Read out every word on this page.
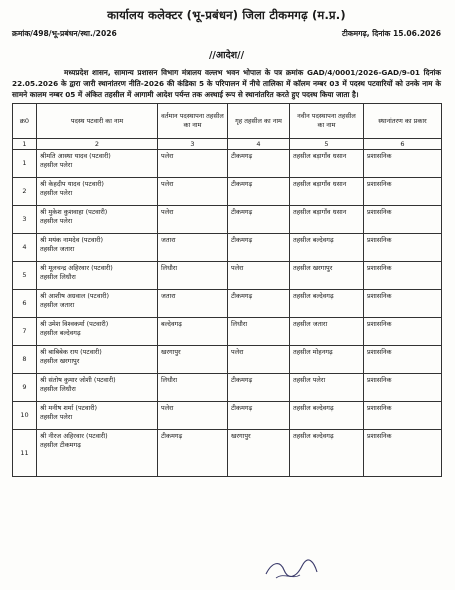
कार्यालय कलेक्टर (भू-प्रबंधन) जिला टीकमगढ़ (म.प्र.)
क्रमांक/498/भू-प्रबंधन/स्था./2026	टीकमगढ़, दिनांक 15.06.2026
//आदेश//
मध्यप्रदेश शासन, सामान्य प्रशासन विभाग मंत्रालय वल्लभ भवन भोपाल के पत्र क्रमांक GAD/4/0001/2026-GAD/9-01 दिनांक 22.05.2026 के द्वारा जारी स्थानांतरण नीति-2026 की कंडिका 5 के परिपालन में नीचे तालिका में कॉलम नम्बर 03 में पदस्थ पटवारियों को उनके नाम के सामने कालम नम्बर 05 में अंकित तहसील में आगामी आदेश पर्यन्त तक अस्थाई रूप से स्थानांतरित करते हुए पदस्थ किया जाता है।
क्र0	पदस्थ पटवारी का नाम	वर्तमान पदस्थापना तहसील का नाम	गृह तहसील का नाम	नवीन पदस्थापना तहसील का नाम	स्थानांतरण का प्रकार
1	2	3	4	5	6
1	श्रीमति आस्था यादव (पटवारी)
तहसील पलेरा	पलेरा	टीकमगढ़	तहसील बड़ागाँव धसान	प्रशासनिक
2	श्री केहदीप यादव (पटवारी)
तहसील पलेरा	पलेरा	टीकमगढ़	तहसील बड़ागाँव धसान	प्रशासनिक
3	श्री मुकेश कुशवाहा (पटवारी)
तहसील पलेरा	पलेरा	टीकमगढ़	तहसील बड़ागाँव धसान	प्रशासनिक
4	श्री मयंक नामदेव (पटवारी)
तहसील जतारा	जतारा	टीकमगढ़	तहसील बल्देवगढ़	प्रशासनिक
5	श्री मूलचन्द्र अहिरवार (पटवारी)
तहसील लिधौरा	लिधौरा	पलेरा	तहसील खरगापुर	प्रशासनिक
6	श्री आशीष अग्रवाल (पटवारी)
तहसील जतारा	जतारा	टीकमगढ़	तहसील बल्देवगढ़	प्रशासनिक
7	श्री उमेश विश्वकर्मा (पटवारी)
तहसील बल्देवगढ़	बल्देवगढ़	लिधौरा	तहसील जतारा	प्रशासनिक
8	श्री बाबिबेक राय (पटवारी)
तहसील खरगापुर	खरगापुर	पलेरा	तहसील मोहनगढ़	प्रशासनिक
9	श्री संतोष कुमार जोशी (पटवारी)
तहसील लिधौरा	लिधौरा	टीकमगढ़	तहसील पलेरा	प्रशासनिक
10	श्री मनीष शर्मा (पटवारी)
तहसील पलेरा	पलेरा	टीकमगढ़	तहसील बल्देवगढ़	प्रशासनिक
11	श्री नीरज अहिरवार (पटवारी)
तहसील टीकमगढ़	टीकमगढ़	खरगापुर	तहसील बल्देवगढ़	प्रशासनिक
